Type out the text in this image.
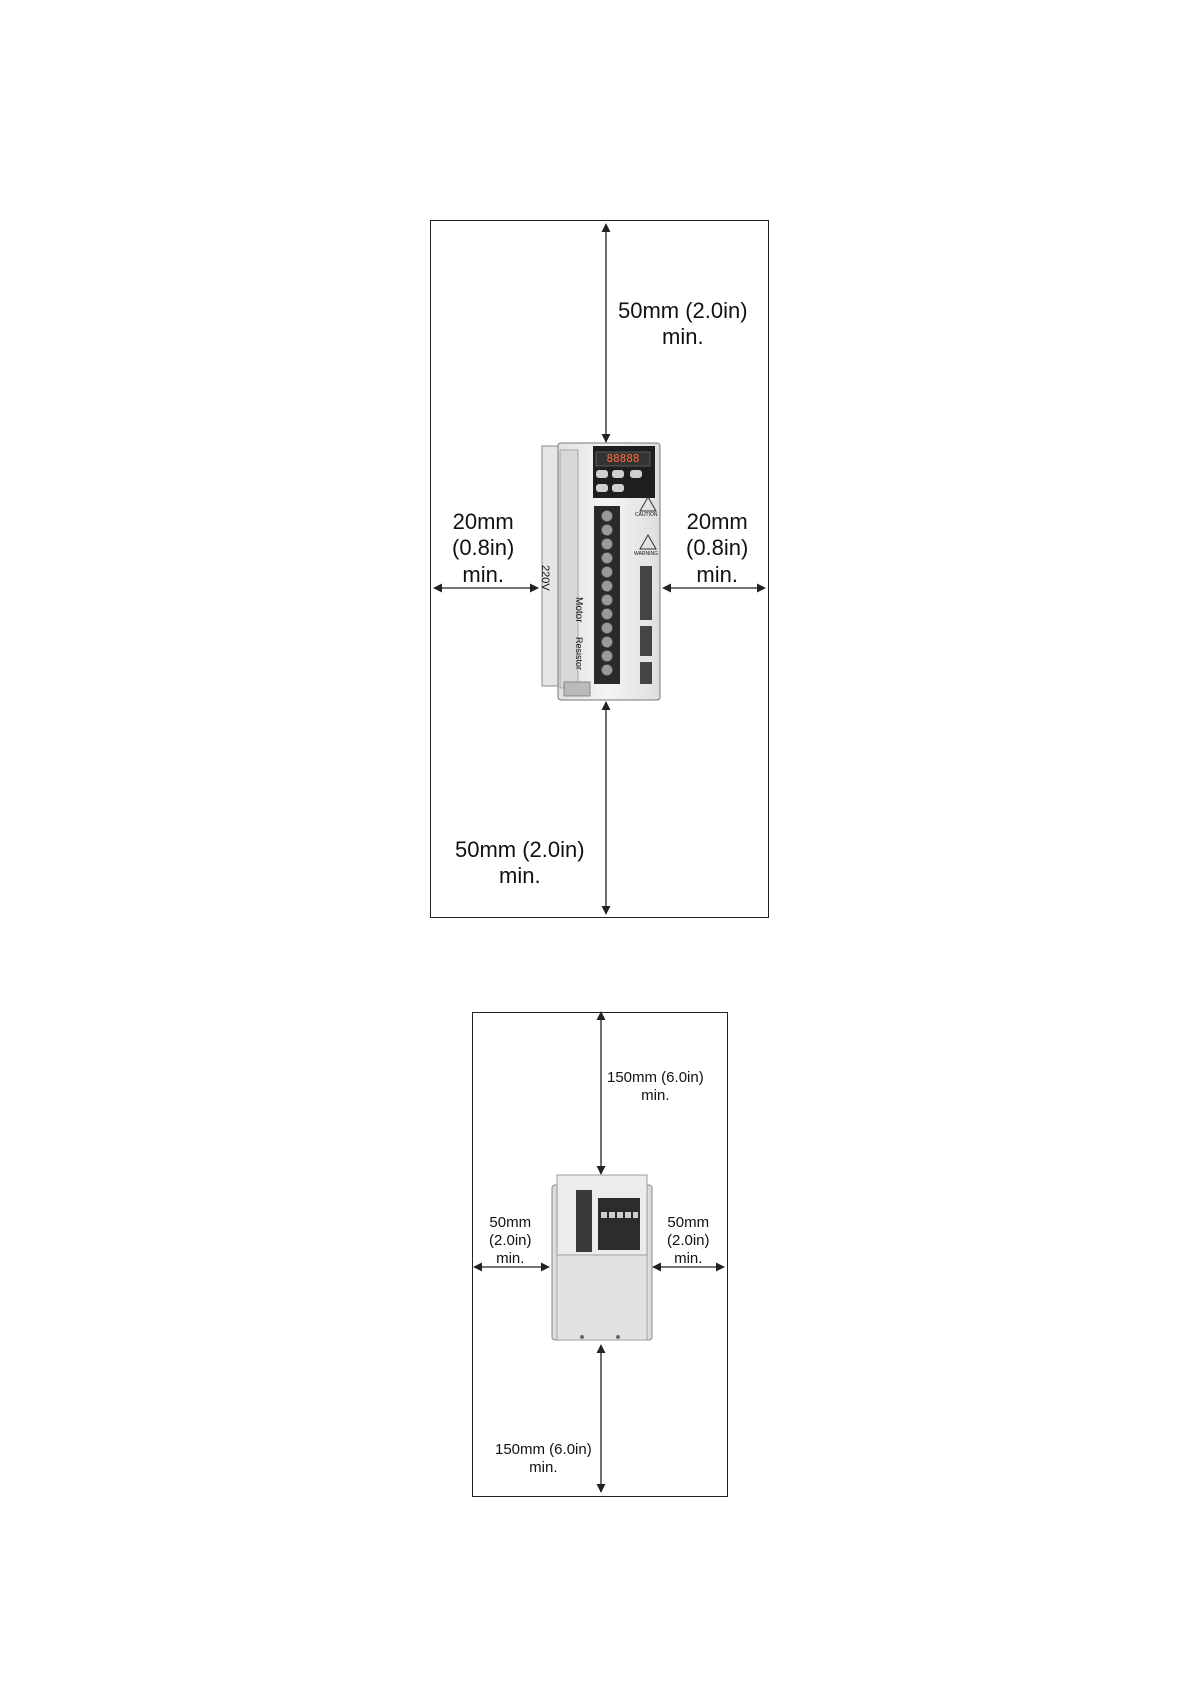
50mm (2.0in)
min.
20mm
(0.8in)
min.
20mm
(0.8in)
min.
50mm (2.0in)
min.
88888
220V
Motor
Resistor
CAUTION
WARNING
150mm (6.0in)
min.
50mm
(2.0in)
min.
50mm
(2.0in)
min.
150mm (6.0in)
min.
